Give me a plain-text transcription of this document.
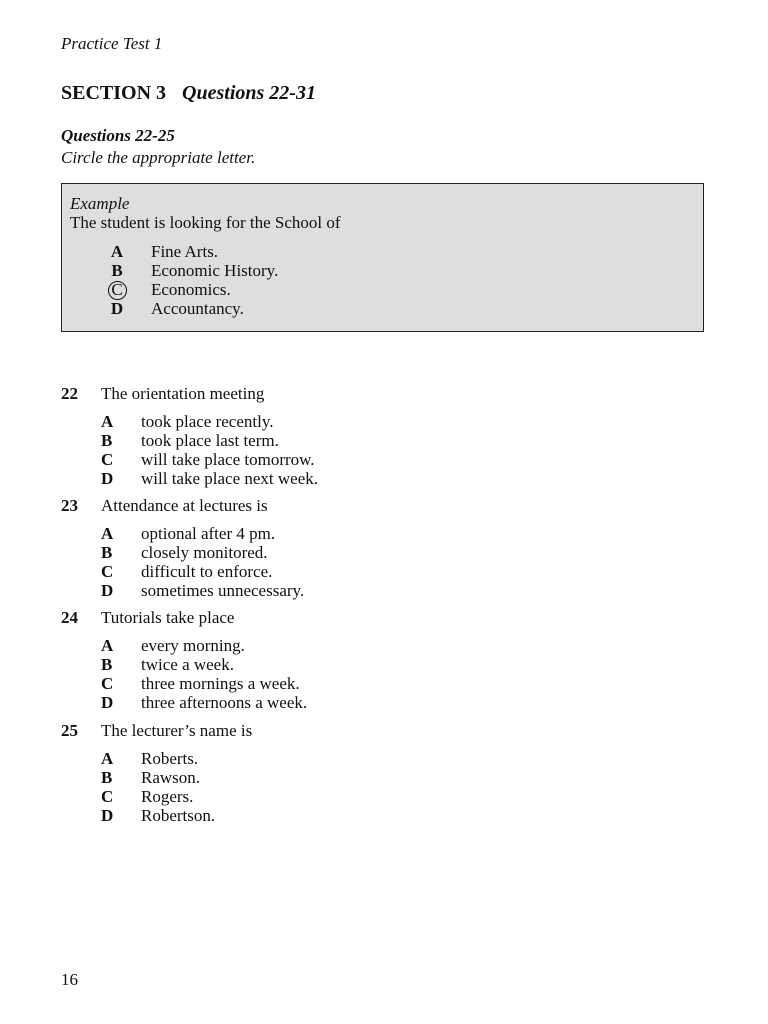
Practice Test 1
SECTION 3 Questions 22-31
Questions 22-25
Circle the appropriate letter.
Example
The student is looking for the School of
A Fine Arts.
B Economic History.
C Economics.
D Accountancy.
22 The orientation meeting
A took place recently.
B took place last term.
C will take place tomorrow.
D will take place next week.
23 Attendance at lectures is
A optional after 4 pm.
B closely monitored.
C difficult to enforce.
D sometimes unnecessary.
24 Tutorials take place
A every morning.
B twice a week.
C three mornings a week.
D three afternoons a week.
25 The lecturer’s name is
A Roberts.
B Rawson.
C Rogers.
D Robertson.
16
